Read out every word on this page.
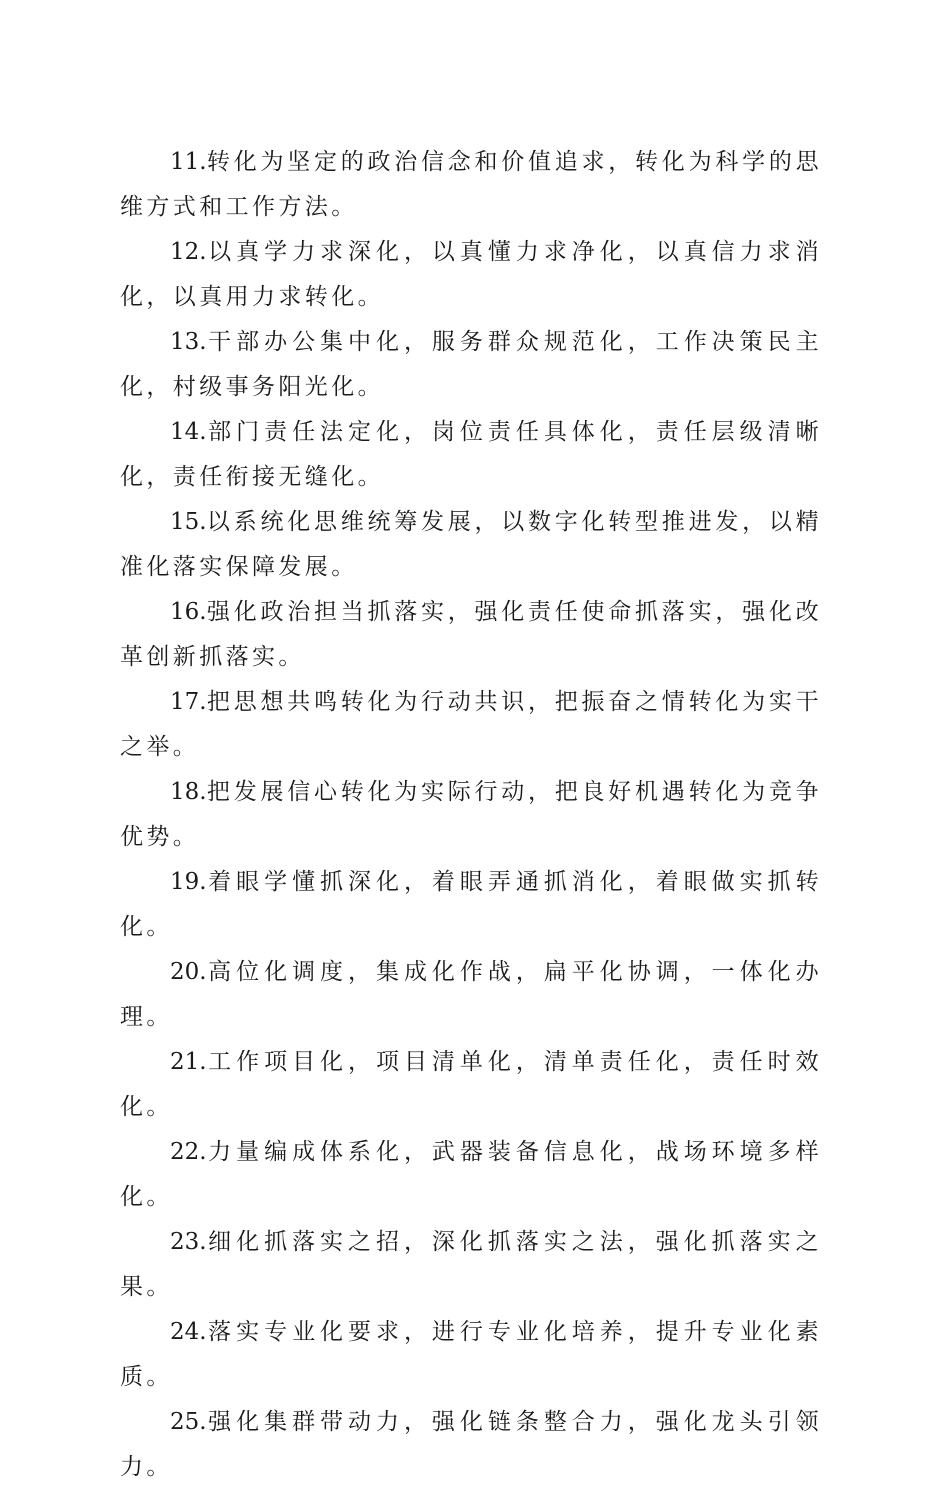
11.转化为坚定的政治信念和价值追求，转化为科学的思维方式和工作方法。

12.以真学力求深化，以真懂力求净化，以真信力求消化，以真用力求转化。

13.干部办公集中化，服务群众规范化，工作决策民主化，村级事务阳光化。

14.部门责任法定化，岗位责任具体化，责任层级清晰化，责任衔接无缝化。

15.以系统化思维统筹发展，以数字化转型推进发，以精准化落实保障发展。

16.强化政治担当抓落实，强化责任使命抓落实，强化改革创新抓落实。

17.把思想共鸣转化为行动共识，把振奋之情转化为实干之举。

18.把发展信心转化为实际行动，把良好机遇转化为竞争优势。

19.着眼学懂抓深化，着眼弄通抓消化，着眼做实抓转化。

20.高位化调度，集成化作战，扁平化协调，一体化办理。

21.工作项目化，项目清单化，清单责任化，责任时效化。

22.力量编成体系化，武器装备信息化，战场环境多样化。

23.细化抓落实之招，深化抓落实之法，强化抓落实之果。

24.落实专业化要求，进行专业化培养，提升专业化素质。

25.强化集群带动力，强化链条整合力，强化龙头引领力。
